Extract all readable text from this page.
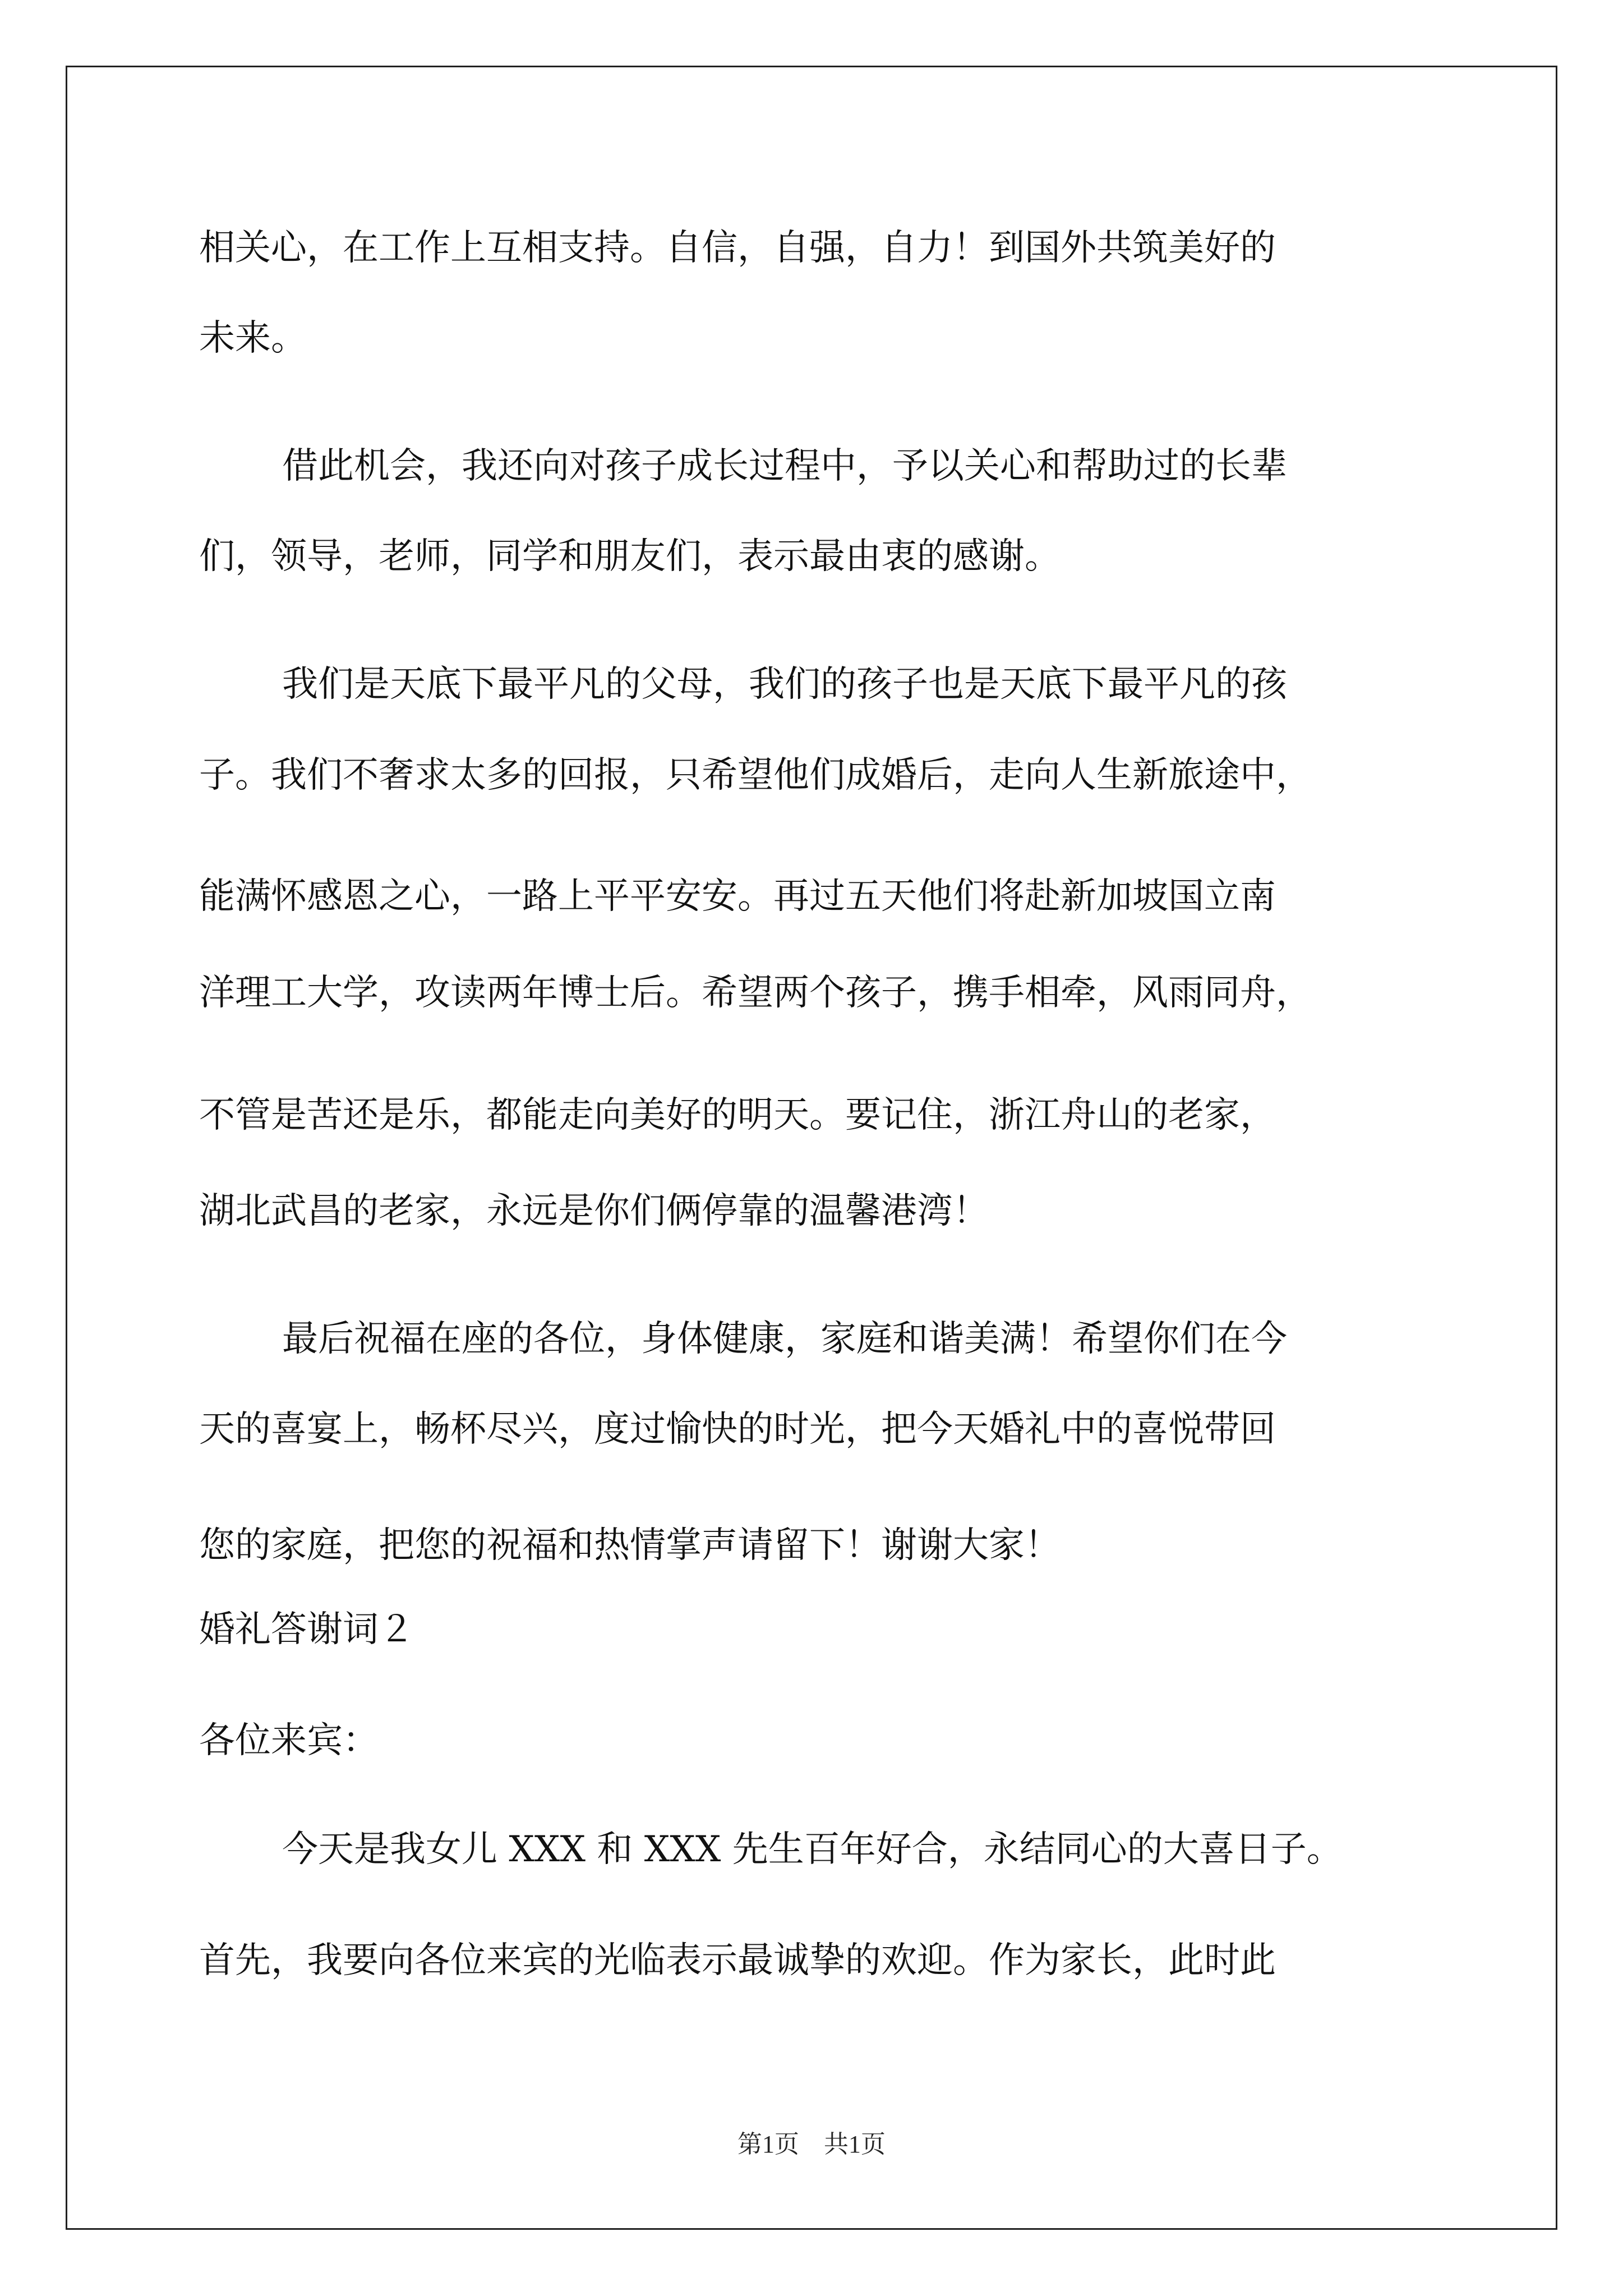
相关心，在工作上互相支持。自信，自强，自力！到国外共筑美好的

未来。

借此机会，我还向对孩子成长过程中，予以关心和帮助过的长辈

们，领导，老师，同学和朋友们，表示最由衷的感谢。

我们是天底下最平凡的父母，我们的孩子也是天底下最平凡的孩

子。我们不奢求太多的回报，只希望他们成婚后，走向人生新旅途中，

能满怀感恩之心，一路上平平安安。再过五天他们将赴新加坡国立南

洋理工大学，攻读两年博士后。希望两个孩子，携手相牵，风雨同舟，

不管是苦还是乐，都能走向美好的明天。要记住，浙江舟山的老家，

湖北武昌的老家，永远是你们俩停靠的温馨港湾！

最后祝福在座的各位，身体健康，家庭和谐美满！希望你们在今

天的喜宴上，畅杯尽兴，度过愉快的时光，把今天婚礼中的喜悦带回

您的家庭，把您的祝福和热情掌声请留下！谢谢大家！

婚礼答谢词２

各位来宾：

今天是我女儿 XXX 和 XXX 先生百年好合，永结同心的大喜日子。

首先，我要向各位来宾的光临表示最诚挚的欢迎。作为家长，此时此

第1页　共1页
